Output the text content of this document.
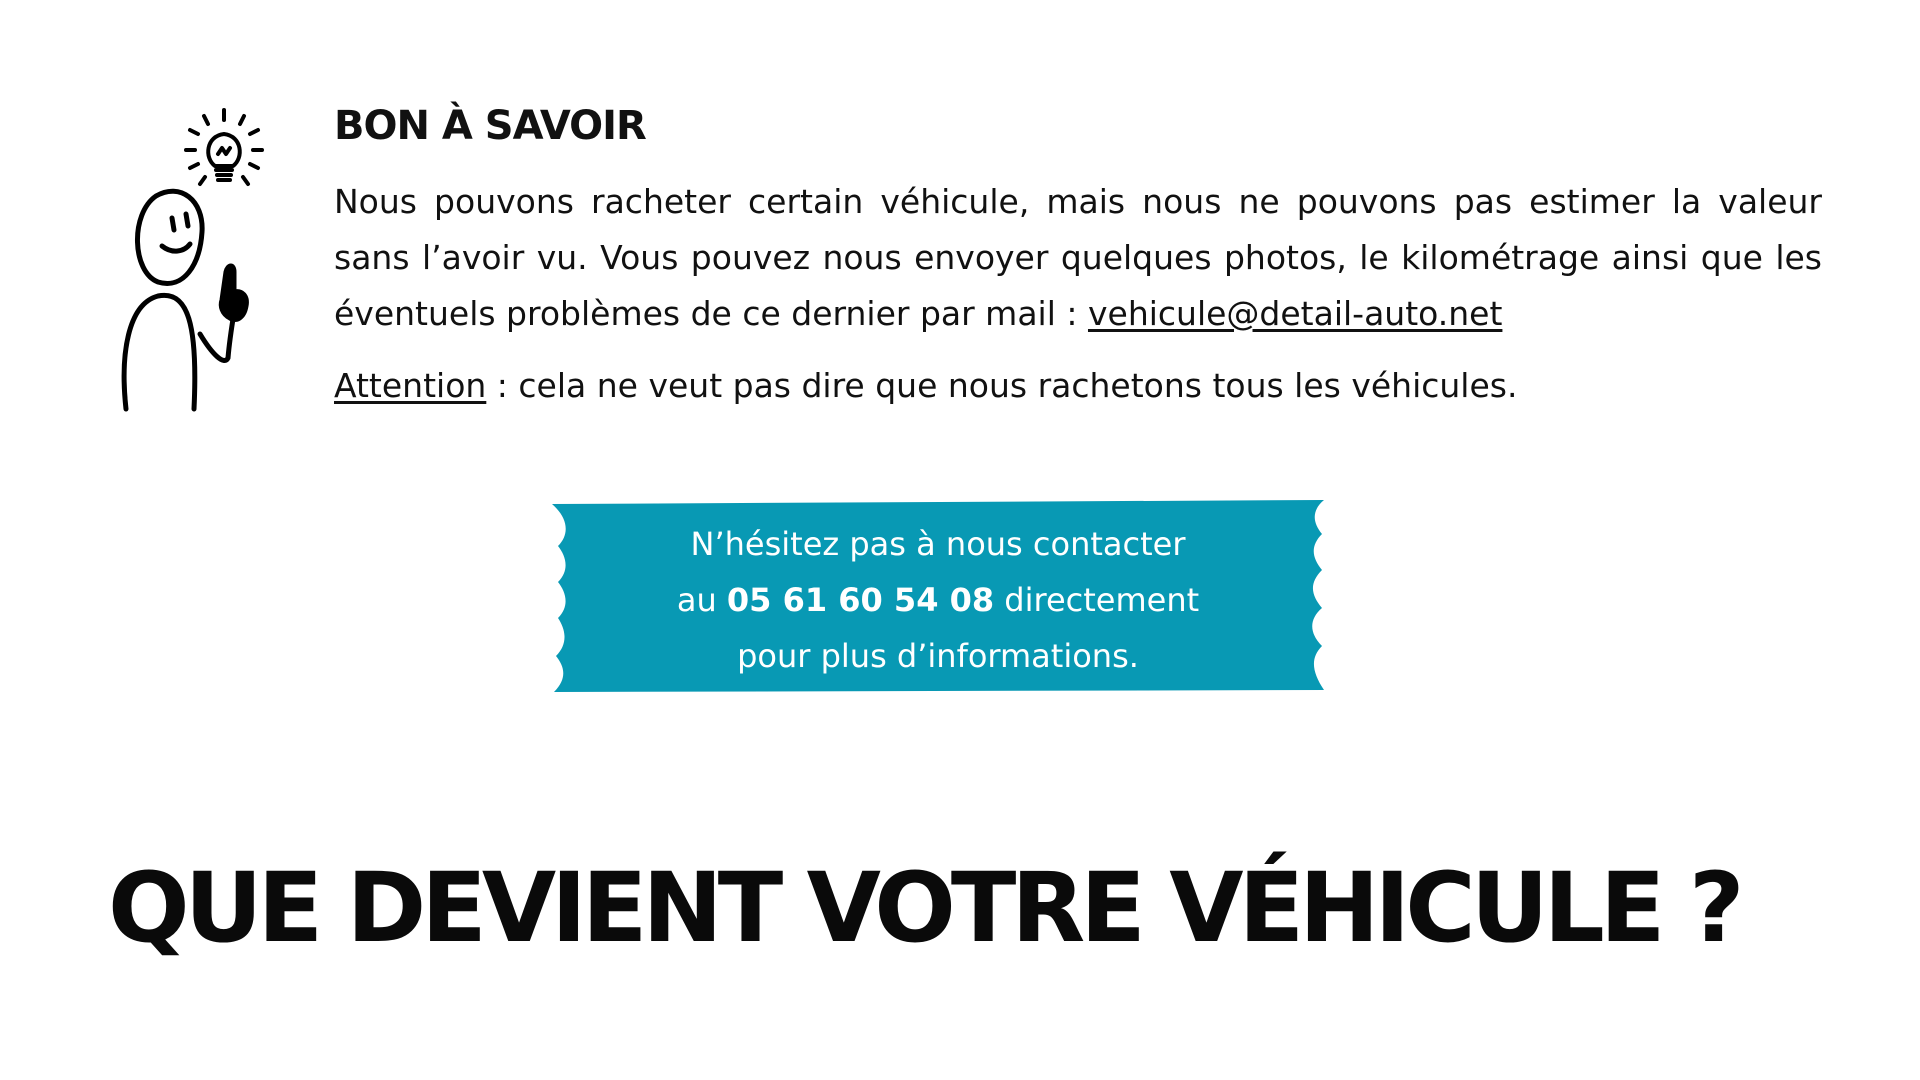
BON À SAVOIR

Nous pouvons racheter certain véhicule, mais nous ne pouvons pas estimer la valeur sans l’avoir vu. Vous pouvez nous envoyer quelques photos, le kilométrage ainsi que les éventuels problèmes de ce dernier par mail : vehicule@detail-auto.net

Attention : cela ne veut pas dire que nous rachetons tous les véhicules.

N’hésitez pas à nous contacter
au 05 61 60 54 08 directement
pour plus d’informations.
QUE DEVIENT VOTRE VÉHICULE ?
